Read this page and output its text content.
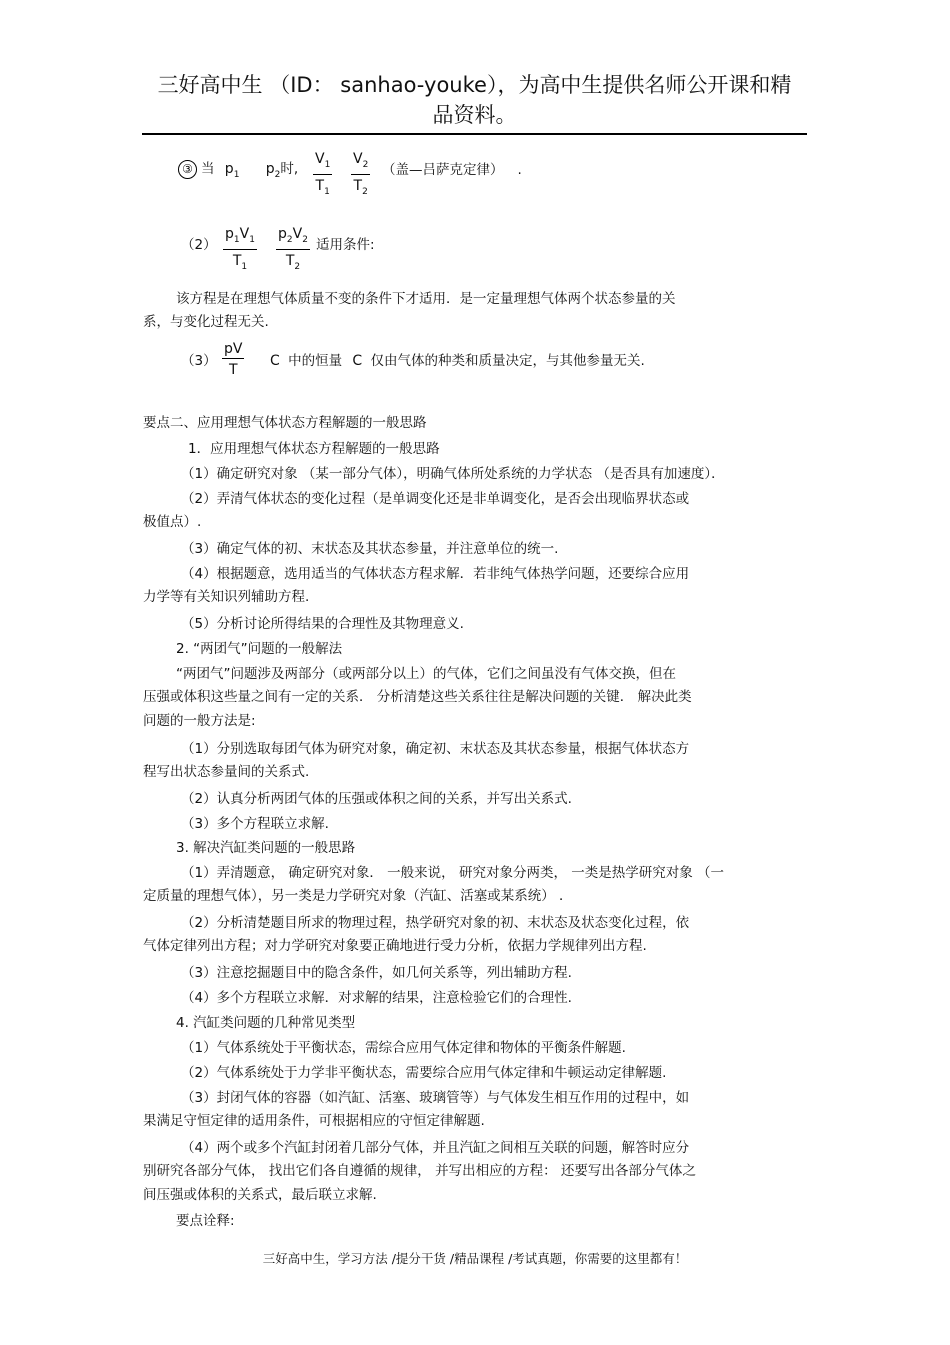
三好高中生 （ID： sanhao-youke），为高中生提供名师公开课和精
品资料。
③ 当 $p_1$ $p_2$时, $\frac{V_1}{T_1} \frac{V_2}{T_2}$ （盖—吕萨克定律） .
$(2) \frac{p_1V_1}{T_1} \frac{p_2V_2}{T_2}$ 适用条件:
该方程是在理想气体质量不变的条件下才适用．是一定量理想气体两个状态参量的关
系，与变化过程无关.
$(3) \frac{pV}{T}$ C 中的恒量 C 仅由气体的种类和质量决定，与其他参量无关.
要点二、应用理想气体状态方程解题的一般思路
1．应用理想气体状态方程解题的一般思路
（1）确定研究对象 （某一部分气体），明确气体所处系统的力学状态 （是否具有加速度）．
（2）弄清气体状态的变化过程（是单调变化还是非单调变化，是否会出现临界状态或
极值点）.
（3）确定气体的初、末状态及其状态参量，并注意单位的统一.
（4）根据题意，选用适当的气体状态方程求解．若非纯气体热学问题，还要综合应用
力学等有关知识列辅助方程.
（5）分析讨论所得结果的合理性及其物理意义.
2. “两团气”问题的一般解法
“两团气”问题涉及两部分（或两部分以上）的气体，它们之间虽没有气体交换，但在
压强或体积这些量之间有一定的关系． 分析清楚这些关系往往是解决问题的关键． 解决此类
问题的一般方法是:
（1）分别选取每团气体为研究对象，确定初、末状态及其状态参量，根据气体状态方
程写出状态参量间的关系式.
（2）认真分析两团气体的压强或体积之间的关系，并写出关系式.
（3）多个方程联立求解.
3. 解决汽缸类问题的一般思路
（1）弄清题意， 确定研究对象． 一般来说， 研究对象分两类， 一类是热学研究对象 （一
定质量的理想气体），另一类是力学研究对象（汽缸、活塞或某系统） ．
（2）分析清楚题目所求的物理过程，热学研究对象的初、末状态及状态变化过程，依
气体定律列出方程；对力学研究对象要正确地进行受力分析，依据力学规律列出方程.
（3）注意挖掘题目中的隐含条件，如几何关系等，列出辅助方程.
（4）多个方程联立求解．对求解的结果，注意检验它们的合理性.
4. 汽缸类问题的几种常见类型
（1）气体系统处于平衡状态，需综合应用气体定律和物体的平衡条件解题.
（2）气体系统处于力学非平衡状态，需要综合应用气体定律和牛顿运动定律解题.
（3）封闭气体的容器（如汽缸、活塞、玻璃管等）与气体发生相互作用的过程中，如
果满足守恒定律的适用条件，可根据相应的守恒定律解题.
（4）两个或多个汽缸封闭着几部分气体，并且汽缸之间相互关联的问题，解答时应分
别研究各部分气体， 找出它们各自遵循的规律， 并写出相应的方程： 还要写出各部分气体之
间压强或体积的关系式，最后联立求解.
要点诠释:
三好高中生，学习方法 /提分干货 /精品课程 /考试真题，你需要的这里都有！
